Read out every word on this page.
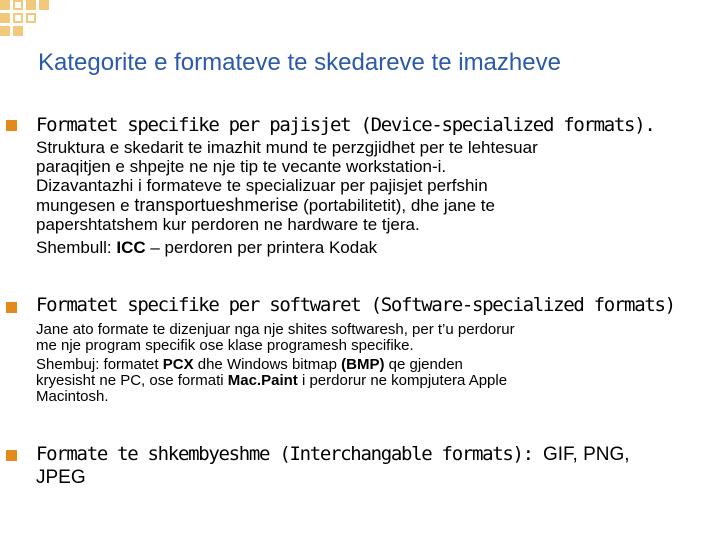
Kategorite e formateve te skedareve te imazheve
Formatet specifike per pajisjet (Device-specialized formats).
Struktura e skedarit te imazhit mund te perzgjidhet per te lehtesuar
paraqitjen e shpejte ne nje tip te vecante workstation-i.
Dizavantazhi i formateve te specializuar per pajisjet perfshin
mungesen e transportueshmerise (portabilitetit), dhe jane te
papershtatshem kur perdoren ne hardware te tjera.
Shembull: ICC – perdoren per printera Kodak
Formatet specifike per softwaret (Software-specialized formats)
Jane ato formate te dizenjuar nga nje shites softwaresh, per t’u perdorur
me nje program specifik ose klase programesh specifike.
Shembuj: formatet PCX dhe Windows bitmap (BMP) qe gjenden
kryesisht ne PC, ose formati Mac.Paint i perdorur ne kompjutera Apple
Macintosh.
Formate te shkembyeshme (Interchangable formats): GIF, PNG,
JPEG
